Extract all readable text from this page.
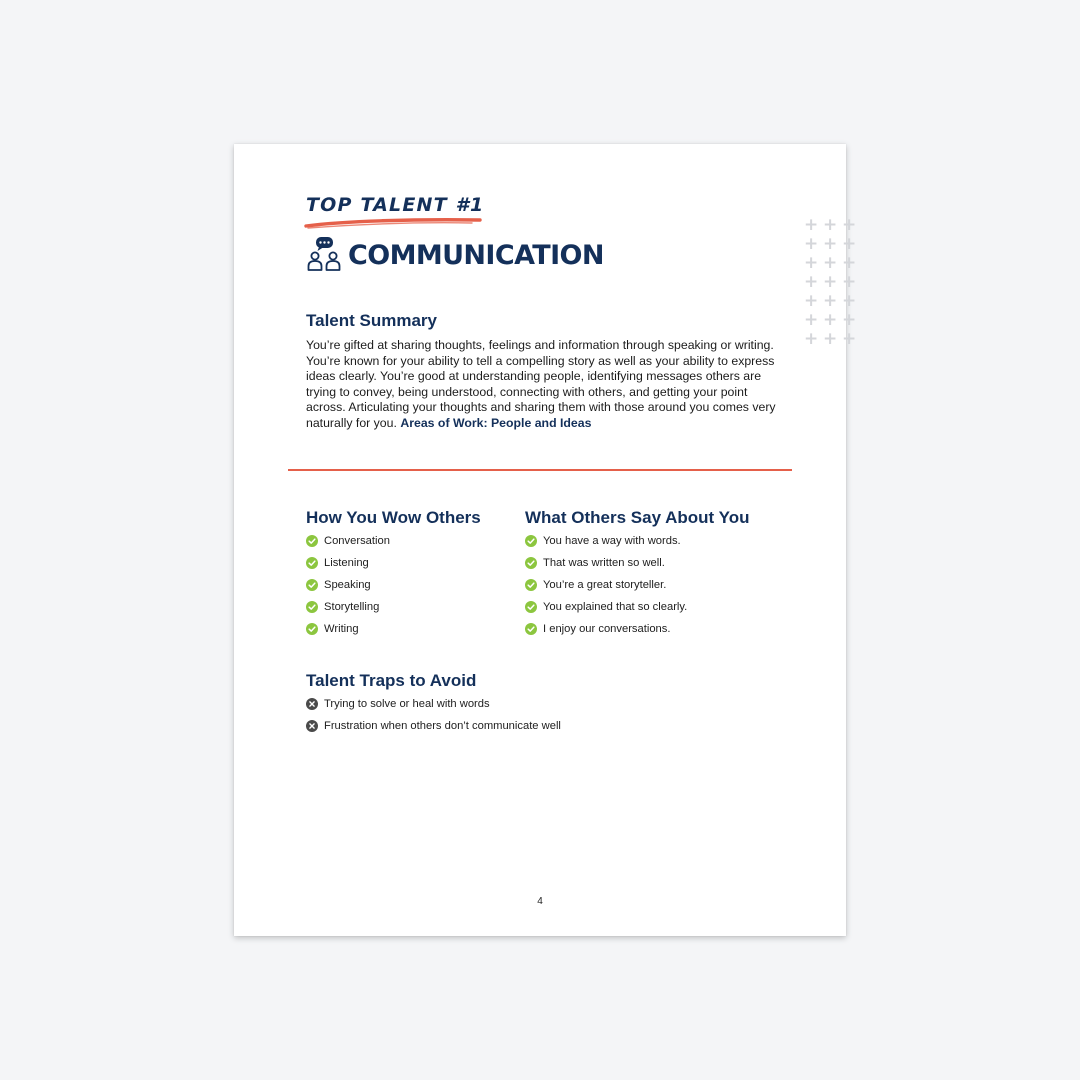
TOP TALENT #1
COMMUNICATION
+ + +
+ + +
+ + +
+ + +
+ + +
+ + +
+ + +
Talent Summary
You’re gifted at sharing thoughts, feelings and information through speaking or writing. You’re known for your ability to tell a compelling story as well as your ability to express ideas clearly. You’re good at understanding people, identifying messages others are trying to convey, being understood, connecting with others, and getting your point across. Articulating your thoughts and sharing them with those around you comes very naturally for you. Areas of Work: People and Ideas
How You Wow Others
Conversation
Listening
Speaking
Storytelling
Writing
What Others Say About You
You have a way with words.
That was written so well.
You’re a great storyteller.
You explained that so clearly.
I enjoy our conversations.
Talent Traps to Avoid
Trying to solve or heal with words
Frustration when others don’t communicate well
4
